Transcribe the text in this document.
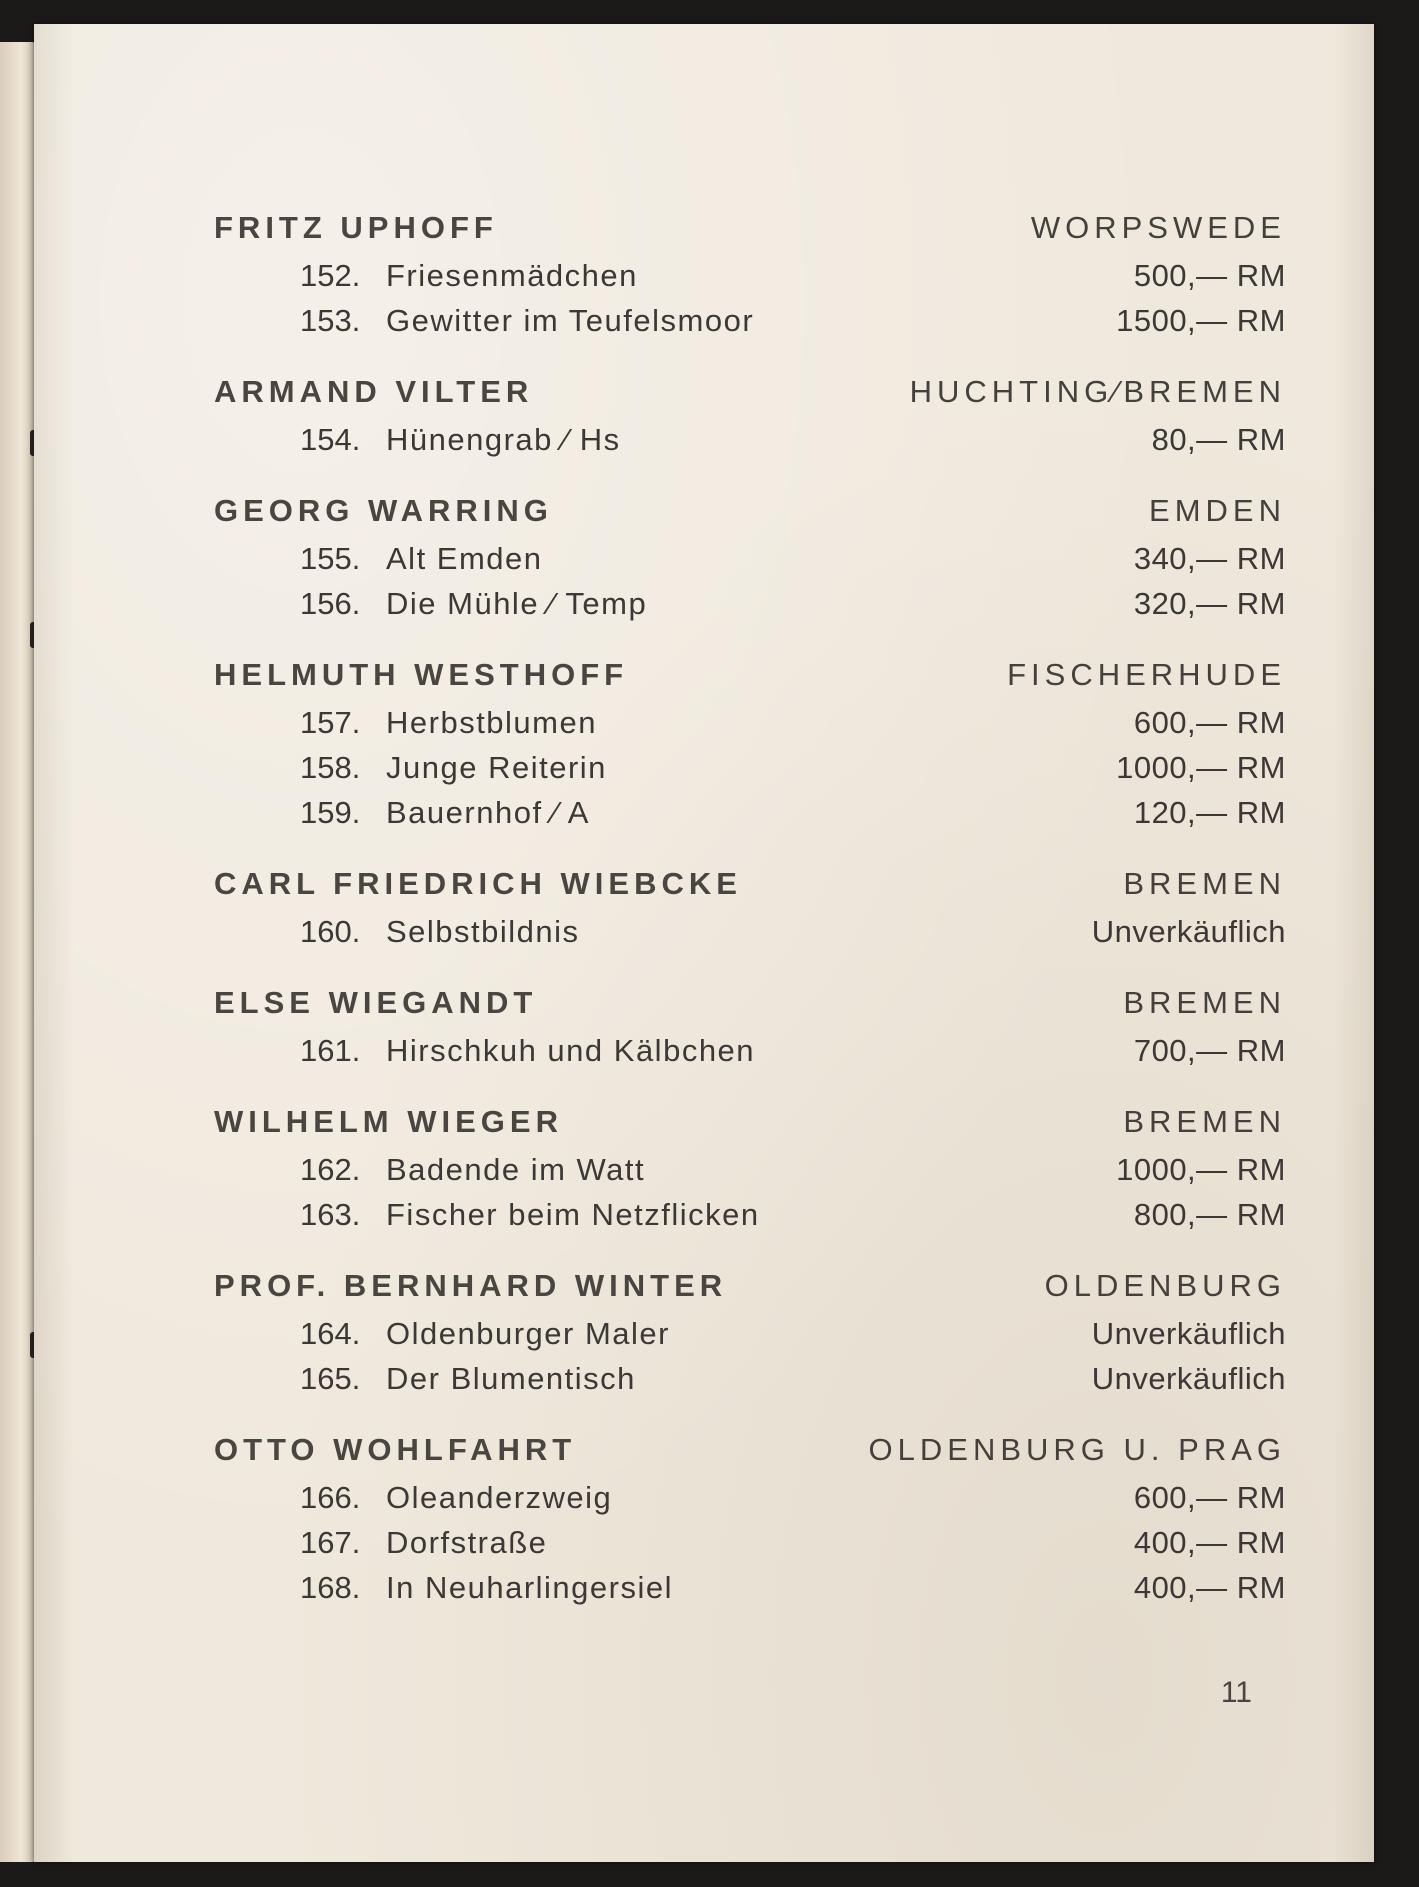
FRITZ UPHOFF	WORPSWEDE
152. Friesenmädchen	500,— RM
153. Gewitter im Teufelsmoor	1500,— RM
ARMAND VILTER	HUCHTING⁄BREMEN
154. Hünengrab ⁄ Hs	80,— RM
GEORG WARRING	EMDEN
155. Alt Emden	340,— RM
156. Die Mühle ⁄ Temp	320,— RM
HELMUTH WESTHOFF	FISCHERHUDE
157. Herbstblumen	600,— RM
158. Junge Reiterin	1000,— RM
159. Bauernhof ⁄ A	120,— RM
CARL FRIEDRICH WIEBCKE	BREMEN
160. Selbstbildnis	Unverkäuflich
ELSE WIEGANDT	BREMEN
161. Hirschkuh und Kälbchen	700,— RM
WILHELM WIEGER	BREMEN
162. Badende im Watt	1000,— RM
163. Fischer beim Netzflicken	800,— RM
PROF. BERNHARD WINTER	OLDENBURG
164. Oldenburger Maler	Unverkäuflich
165. Der Blumentisch	Unverkäuflich
OTTO WOHLFAHRT	OLDENBURG U. PRAG
166. Oleanderzweig	600,— RM
167. Dorfstraße	400,— RM
168. In Neuharlingersiel	400,— RM
11
